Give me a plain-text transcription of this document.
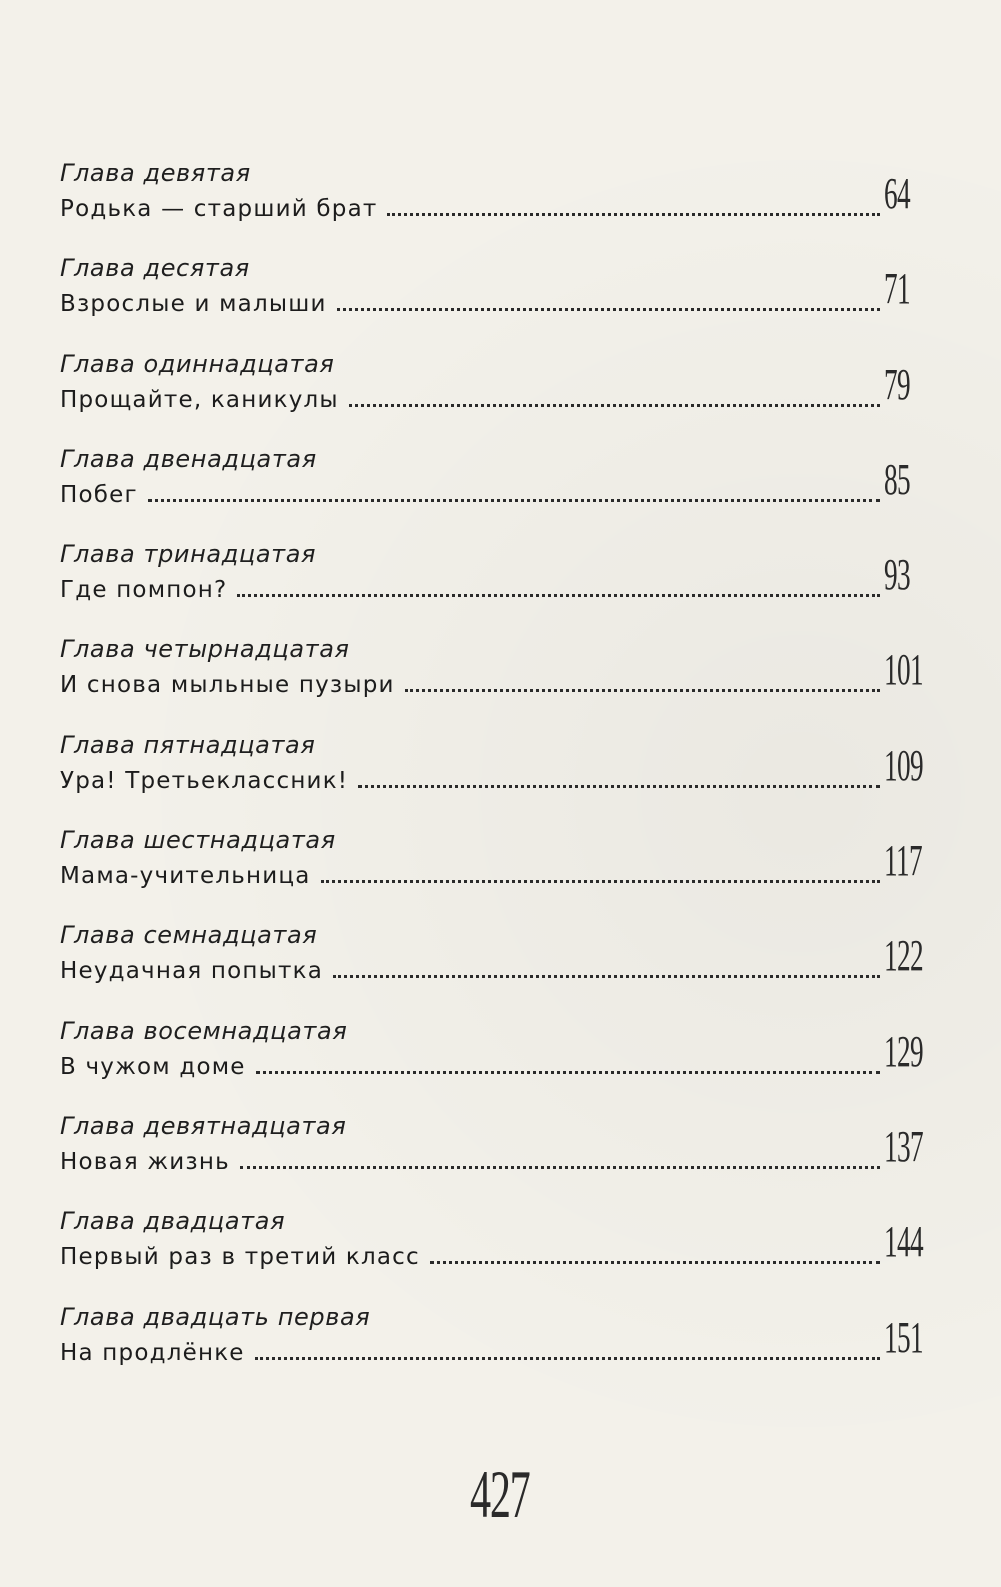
Глава девятая
Родька — старший брат	64
Глава десятая
Взрослые и малыши	71
Глава одиннадцатая
Прощайте, каникулы	79
Глава двенадцатая
Побег	85
Глава тринадцатая
Где помпон?	93
Глава четырнадцатая
И снова мыльные пузыри	101
Глава пятнадцатая
Ура! Третьеклассник!	109
Глава шестнадцатая
Мама-учительница	117
Глава семнадцатая
Неудачная попытка	122
Глава восемнадцатая
В чужом доме	129
Глава девятнадцатая
Новая жизнь	137
Глава двадцатая
Первый раз в третий класс	144
Глава двадцать первая
На продлёнке	151
427
